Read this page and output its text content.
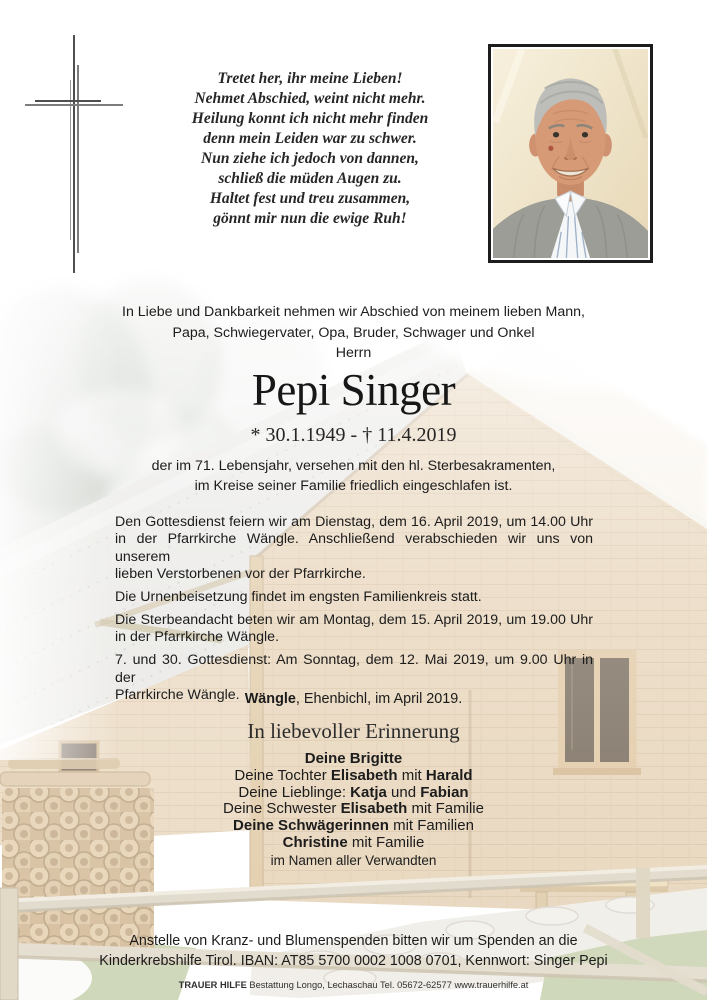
Tretet her, ihr meine Lieben!
Nehmet Abschied, weint nicht mehr.
Heilung konnt ich nicht mehr finden
denn mein Leiden war zu schwer.
Nun ziehe ich jedoch von dannen,
schließ die müden Augen zu.
Haltet fest und treu zusammen,
gönnt mir nun die ewige Ruh!
In Liebe und Dankbarkeit nehmen wir Abschied von meinem lieben Mann,
Papa, Schwiegervater, Opa, Bruder, Schwager und Onkel
Herrn
Pepi Singer
* 30.1.1949 - † 11.4.2019
der im 71. Lebensjahr, versehen mit den hl. Sterbesakramenten,
im Kreise seiner Familie friedlich eingeschlafen ist.
Den Gottesdienst feiern wir am Dienstag, dem 16. April 2019, um 14.00 Uhr
in der Pfarrkirche Wängle. Anschließend verabschieden wir uns von unserem
lieben Verstorbenen vor der Pfarrkirche.
Die Urnenbeisetzung findet im engsten Familienkreis statt.
Die Sterbeandacht beten wir am Montag, dem 15. April 2019, um 19.00 Uhr
in der Pfarrkirche Wängle.
7. und 30. Gottesdienst: Am Sonntag, dem 12. Mai 2019, um 9.00 Uhr in der
Pfarrkirche Wängle. Wängle, Ehenbichl, im April 2019.
In liebevoller Erinnerung
Deine Brigitte
Deine Tochter Elisabeth mit Harald
Deine Lieblinge: Katja und Fabian
Deine Schwester Elisabeth mit Familie
Deine Schwägerinnen mit Familien
Christine mit Familie
im Namen aller Verwandten
Anstelle von Kranz- und Blumenspenden bitten wir um Spenden an die
Kinderkrebshilfe Tirol. IBAN: AT85 5700 0002 1008 0701, Kennwort: Singer Pepi
TRAUER HILFE Bestattung Longo, Lechaschau Tel. 05672-62577 www.trauerhilfe.at
